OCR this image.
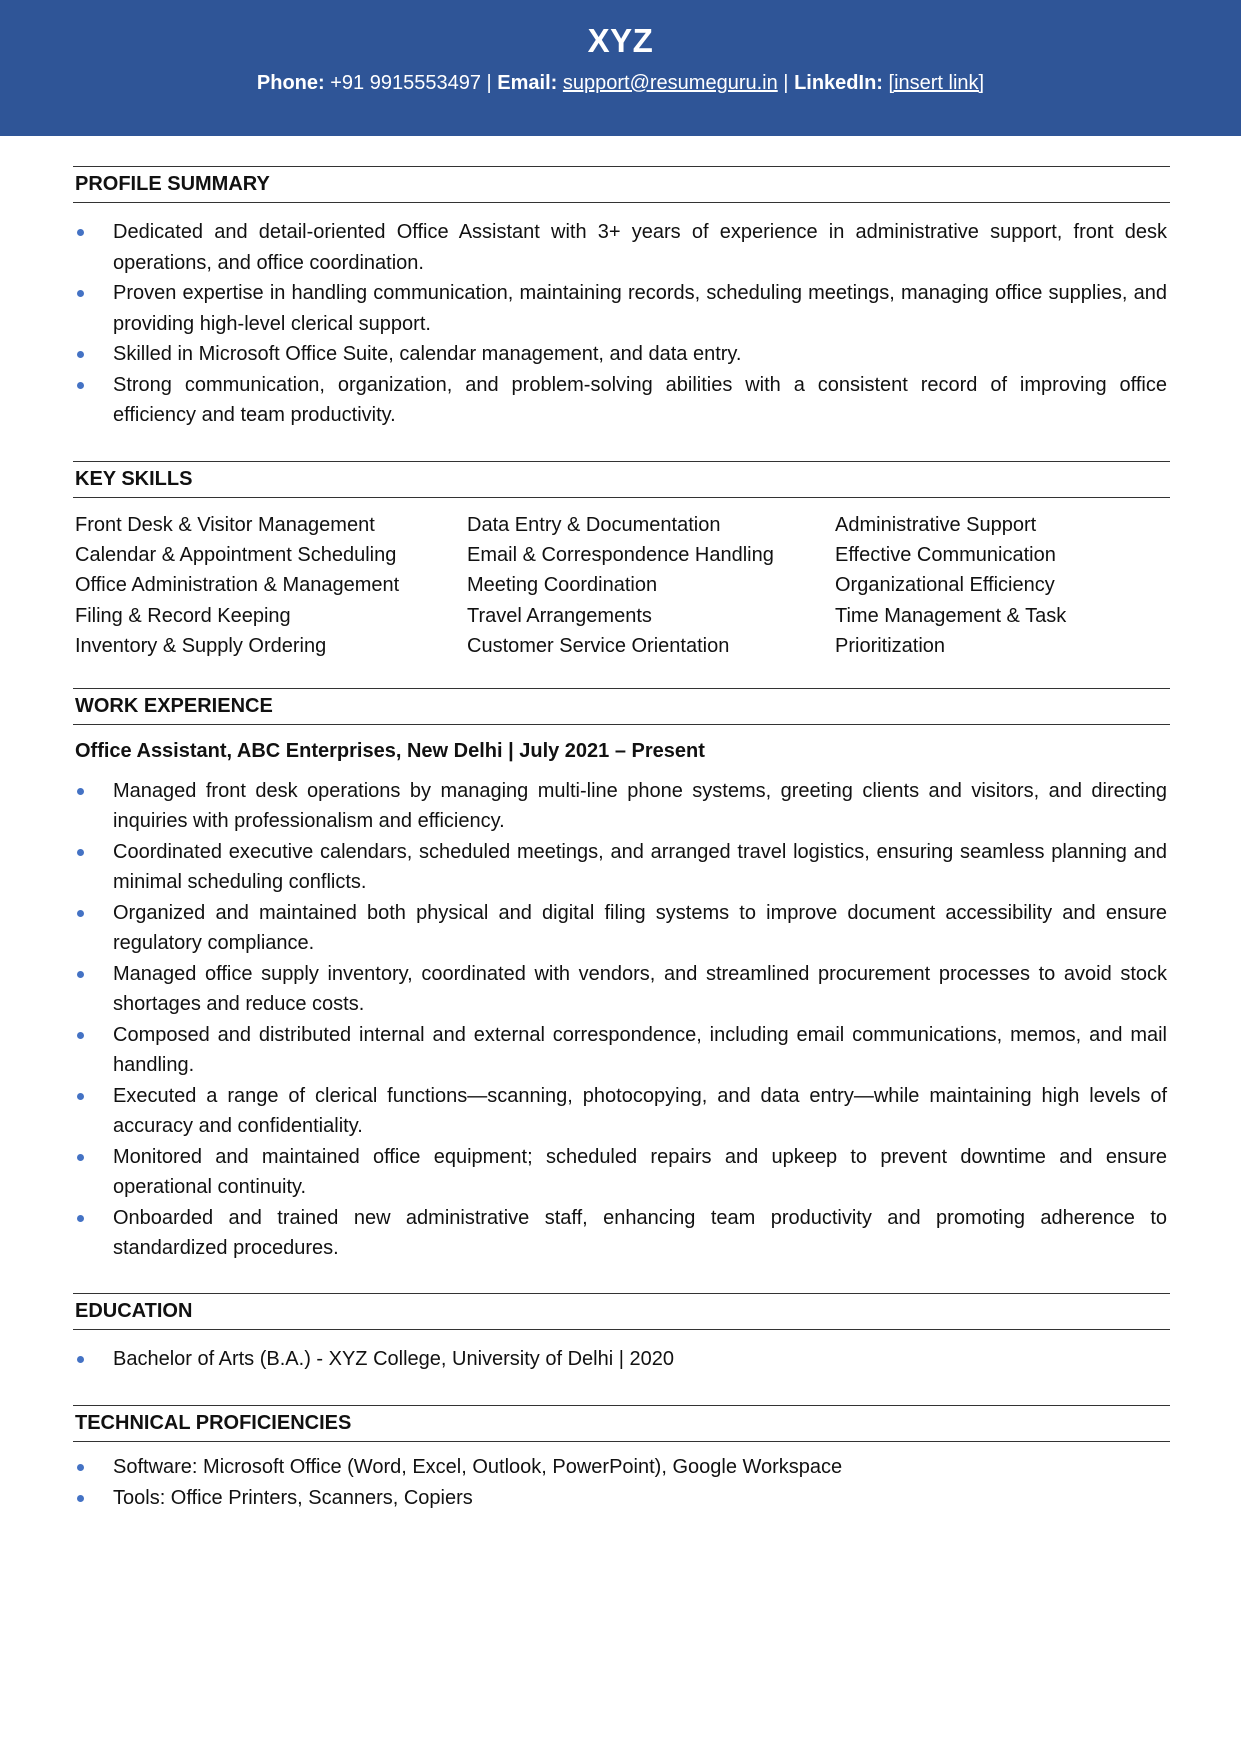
XYZ
Phone: +91 9915553497 | Email: support@resumeguru.in | LinkedIn: [insert link]
PROFILE SUMMARY
Dedicated and detail-oriented Office Assistant with 3+ years of experience in administrative support, front desk operations, and office coordination.
Proven expertise in handling communication, maintaining records, scheduling meetings, managing office supplies, and providing high-level clerical support.
Skilled in Microsoft Office Suite, calendar management, and data entry.
Strong communication, organization, and problem-solving abilities with a consistent record of improving office efficiency and team productivity.
KEY SKILLS
Front Desk & Visitor Management
Calendar & Appointment Scheduling
Office Administration & Management
Filing & Record Keeping
Inventory & Supply Ordering
Data Entry & Documentation
Email & Correspondence Handling
Meeting Coordination
Travel Arrangements
Customer Service Orientation
Administrative Support
Effective Communication
Organizational Efficiency
Time Management & Task
Prioritization
WORK EXPERIENCE
Office Assistant, ABC Enterprises, New Delhi | July 2021 – Present
Managed front desk operations by managing multi-line phone systems, greeting clients and visitors, and directing inquiries with professionalism and efficiency.
Coordinated executive calendars, scheduled meetings, and arranged travel logistics, ensuring seamless planning and minimal scheduling conflicts.
Organized and maintained both physical and digital filing systems to improve document accessibility and ensure regulatory compliance.
Managed office supply inventory, coordinated with vendors, and streamlined procurement processes to avoid stock shortages and reduce costs.
Composed and distributed internal and external correspondence, including email communications, memos, and mail handling.
Executed a range of clerical functions—scanning, photocopying, and data entry—while maintaining high levels of accuracy and confidentiality.
Monitored and maintained office equipment; scheduled repairs and upkeep to prevent downtime and ensure operational continuity.
Onboarded and trained new administrative staff, enhancing team productivity and promoting adherence to standardized procedures.
EDUCATION
Bachelor of Arts (B.A.) - XYZ College, University of Delhi | 2020
TECHNICAL PROFICIENCIES
Software: Microsoft Office (Word, Excel, Outlook, PowerPoint), Google Workspace
Tools: Office Printers, Scanners, Copiers
